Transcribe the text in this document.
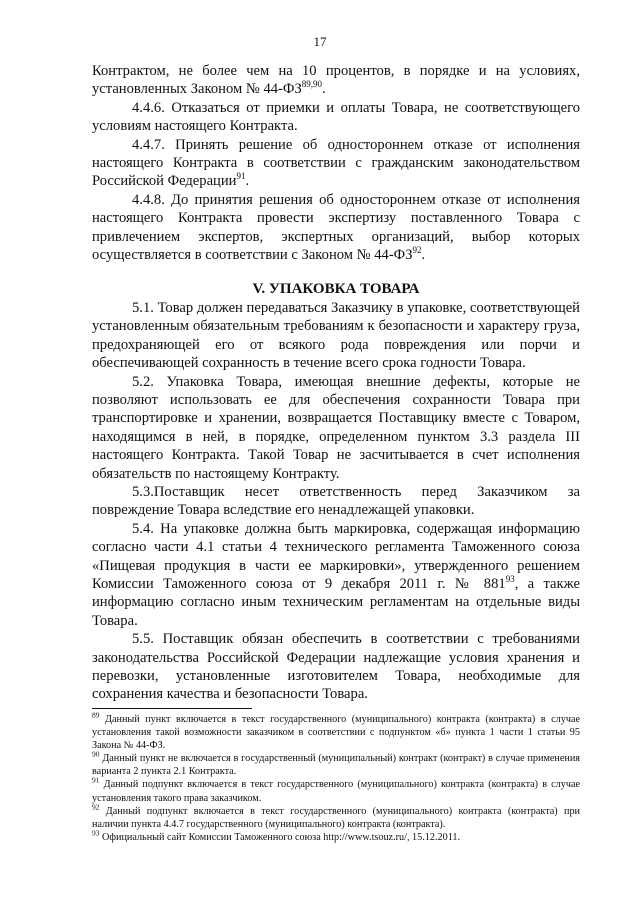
17

Контрактом, не более чем на 10 процентов, в порядке и на условиях, установленных Законом № 44-ФЗ$^{89,90}$.

4.4.6. Отказаться от приемки и оплаты Товара, не соответствующего условиям настоящего Контракта.

4.4.7. Принять решение об одностороннем отказе от исполнения настоящего Контракта в соответствии с гражданским законодательством Российской Федерации$^{91}$.

4.4.8. До принятия решения об одностороннем отказе от исполнения настоящего Контракта провести экспертизу поставленного Товара с привлечением экспертов, экспертных организаций, выбор которых осуществляется в соответствии с Законом № 44-ФЗ$^{92}$.

V. УПАКОВКА ТОВАРА

5.1. Товар должен передаваться Заказчику в упаковке, соответствующей установленным обязательным требованиям к безопасности и характеру груза, предохраняющей его от всякого рода повреждения или порчи и обеспечивающей сохранность в течение всего срока годности Товара.

5.2. Упаковка Товара, имеющая внешние дефекты, которые не позволяют использовать ее для обеспечения сохранности Товара при транспортировке и хранении, возвращается Поставщику вместе с Товаром, находящимся в ней, в порядке, определенном пунктом 3.3 раздела III настоящего Контракта. Такой Товар не засчитывается в счет исполнения обязательств по настоящему Контракту.

5.3.Поставщик несет ответственность перед Заказчиком за повреждение Товара вследствие его ненадлежащей упаковки.

5.4. На упаковке должна быть маркировка, содержащая информацию согласно части 4.1 статьи 4 технического регламента Таможенного союза «Пищевая продукция в части ее маркировки», утвержденного решением Комиссии Таможенного союза от 9 декабря 2011 г. № $881^{93}$, а также информацию согласно иным техническим регламентам на отдельные виды Товара.

5.5. Поставщик обязан обеспечить в соответствии с требованиями законодательства Российской Федерации надлежащие условия хранения и перевозки, установленные изготовителем Товара, необходимые для сохранения качества и безопасности Товара.

$^{89}$ Данный пункт включается в текст государственного (муниципального) контракта (контракта) в случае установления такой возможности заказчиком в соответствии с подпунктом «б» пункта 1 части 1 статьи 95 Закона № 44-ФЗ.

$^{90}$ Данный пункт не включается в государственный (муниципальный) контракт (контракт) в случае применения варианта 2 пункта 2.1 Контракта.

$^{91}$ Данный подпункт включается в текст государственного (муниципального) контракта (контракта) в случае установления такого права заказчиком.

$^{92}$ Данный подпункт включается в текст государственного (муниципального) контракта (контракта) при наличии пункта 4.4.7 государственного (муниципального) контракта (контракта).

$^{93}$ Официальный сайт Комиссии Таможенного союза http://www.tsouz.ru/, 15.12.2011.
